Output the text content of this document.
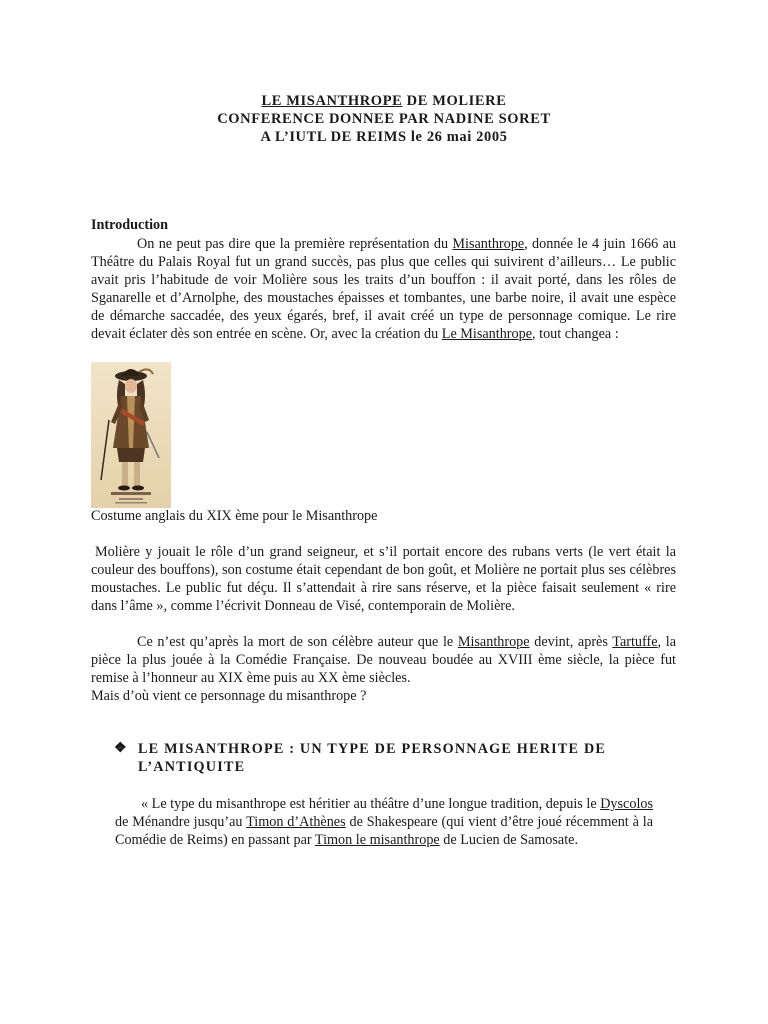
LE MISANTHROPE DE MOLIERE
CONFERENCE DONNEE PAR NADINE SORET
A L’IUTL DE REIMS le 26 mai 2005
Introduction
On ne peut pas dire que la première représentation du Misanthrope, donnée le 4 juin 1666 au Théâtre du Palais Royal fut un grand succès, pas plus que celles qui suivirent d’ailleurs… Le public avait pris l’habitude de voir Molière sous les traits d’un bouffon : il avait porté, dans les rôles de Sganarelle et d’Arnolphe, des moustaches épaisses et tombantes, une barbe noire, il avait une espèce de démarche saccadée, des yeux égarés, bref, il avait créé un type de personnage comique. Le rire devait éclater dès son entrée en scène. Or, avec la création du Le Misanthrope, tout changea :
Costume anglais du XIX ème pour le Misanthrope
Molière y jouait le rôle d’un grand seigneur, et s’il portait encore des rubans verts (le vert était la couleur des bouffons), son costume était cependant de bon goût, et Molière ne portait plus ses célèbres moustaches. Le public fut déçu. Il s’attendait à rire sans réserve, et la pièce faisait seulement « rire dans l’âme », comme l’écrivit Donneau de Visé, contemporain de Molière.
Ce n’est qu’après la mort de son célèbre auteur que le Misanthrope devint, après Tartuffe, la pièce la plus jouée à la Comédie Française. De nouveau boudée au XVIII ème siècle, la pièce fut remise à l’honneur au XIX ème puis au XX ème siècles.
Mais d’où vient ce personnage du misanthrope ?
❖ LE MISANTHROPE : UN TYPE DE PERSONNAGE HERITE DE L’ANTIQUITE
« Le type du misanthrope est héritier au théâtre d’une longue tradition, depuis le Dyscolos de Ménandre jusqu’au Timon d’Athènes de Shakespeare (qui vient d’être joué récemment à la Comédie de Reims) en passant par Timon le misanthrope de Lucien de Samosate.
